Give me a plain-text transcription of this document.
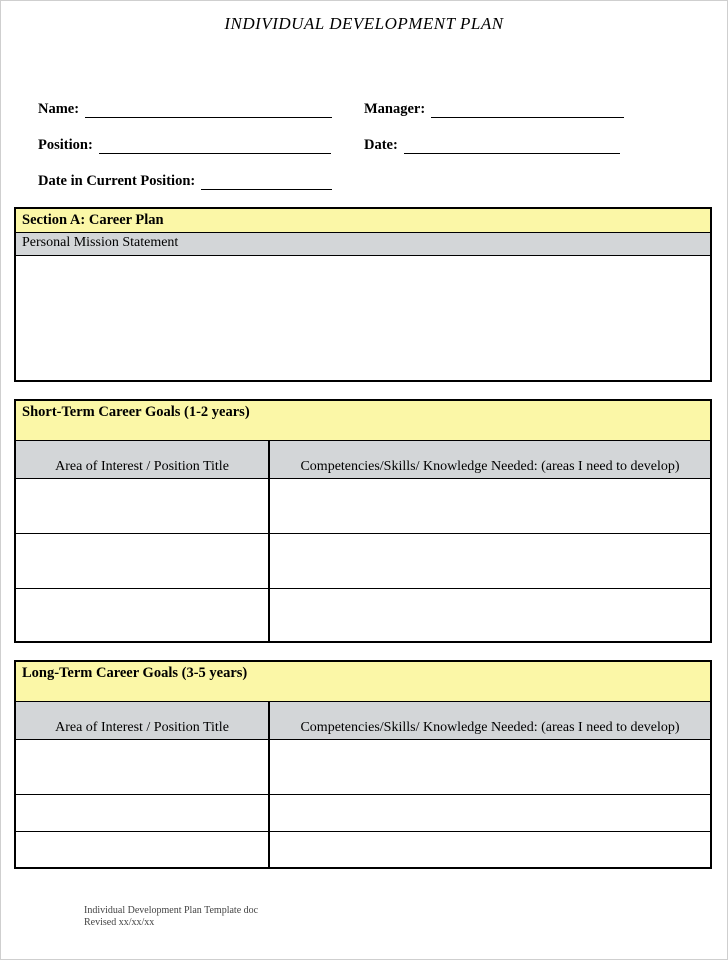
INDIVIDUAL DEVELOPMENT PLAN
Name:	Manager:
Position:	Date:
Date in Current Position:
Section A: Career Plan
Personal Mission Statement
Short-Term Career Goals (1-2 years)
Area of Interest / Position Title	Competencies/Skills/ Knowledge Needed: (areas I need to develop)

Long-Term Career Goals (3-5 years)
Area of Interest / Position Title	Competencies/Skills/ Knowledge Needed: (areas I need to develop)

Individual Development Plan Template doc
Revised xx/xx/xx
